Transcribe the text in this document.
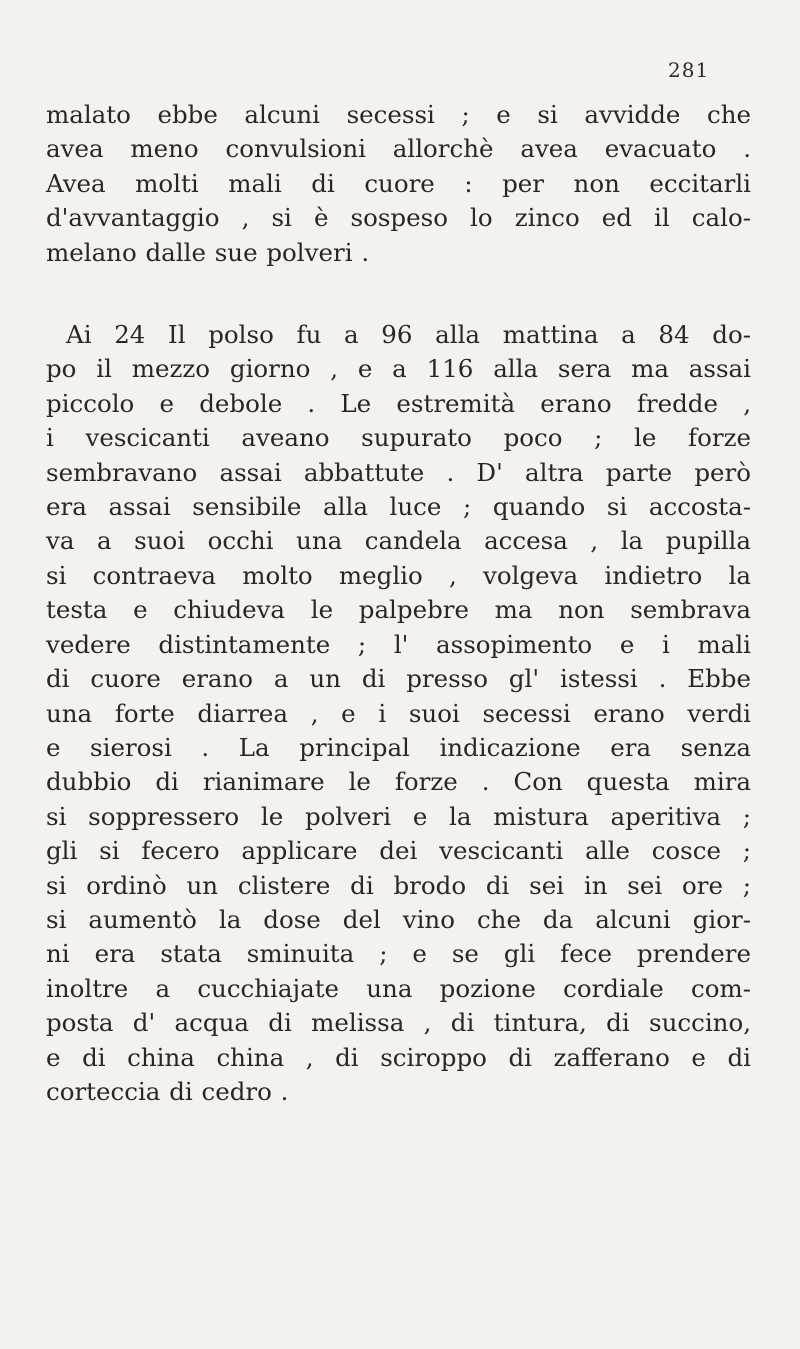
281
malato ebbe alcuni secessi ; e si avvidde che
avea meno convulsioni allorchè avea evacuato .
Avea molti mali di cuore : per non eccitarli
d'avvantaggio , si è sospeso lo zinco ed il calo-
melano dalle sue polveri .
Ai 24 Il polso fu a 96 alla mattina a 84 do-
po il mezzo giorno , e a 116 alla sera ma assai
piccolo e debole . Le estremità erano fredde ,
i vescicanti aveano supurato poco ; le forze
sembravano assai abbattute . D' altra parte però
era assai sensibile alla luce ; quando si accosta-
va a suoi occhi una candela accesa , la pupilla
si contraeva molto meglio , volgeva indietro la
testa e chiudeva le palpebre ma non sembrava
vedere distintamente ; l' assopimento e i mali
di cuore erano a un di presso gl' istessi . Ebbe
una forte diarrea , e i suoi secessi erano verdi
e sierosi . La principal indicazione era senza
dubbio di rianimare le forze . Con questa mira
si soppressero le polveri e la mistura aperitiva ;
gli si fecero applicare dei vescicanti alle cosce ;
si ordinò un clistere di brodo di sei in sei ore ;
si aumentò la dose del vino che da alcuni gior-
ni era stata sminuita ; e se gli fece prendere
inoltre a cucchiajate una pozione cordiale com-
posta d' acqua di melissa , di tintura, di succino,
e di china china , di sciroppo di zafferano e di
corteccia di cedro .
